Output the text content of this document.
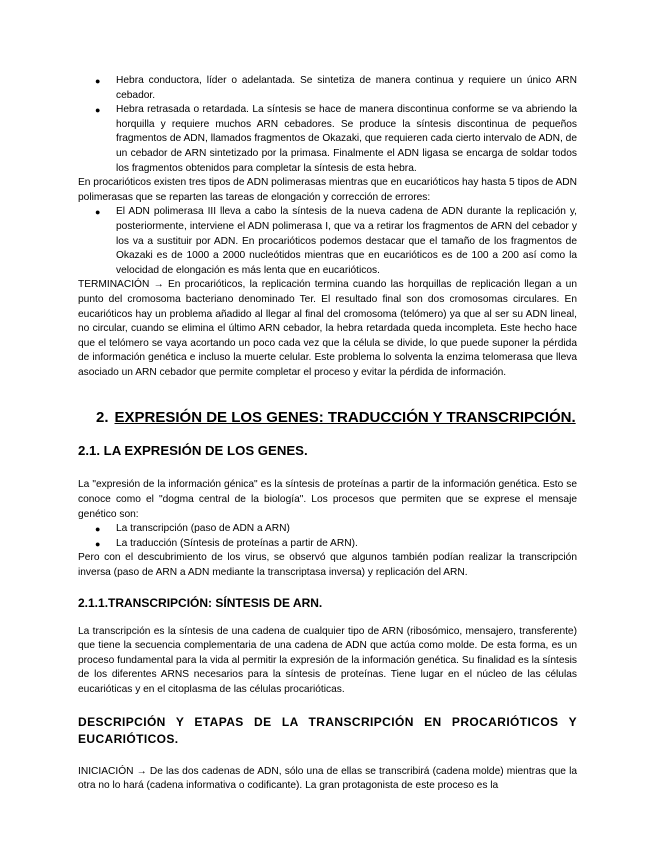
● Hebra conductora, líder o adelantada. Se sintetiza de manera continua y requiere un único ARN cebador.
● Hebra retrasada o retardada. La síntesis se hace de manera discontinua conforme se va abriendo la horquilla y requiere muchos ARN cebadores. Se produce la síntesis discontinua de pequeños fragmentos de ADN, llamados fragmentos de Okazaki, que requieren cada cierto intervalo de ADN, de un cebador de ARN sintetizado por la primasa. Finalmente el ADN ligasa se encarga de soldar todos los fragmentos obtenidos para completar la síntesis de esta hebra.

En procarióticos existen tres tipos de ADN polimerasas mientras que en eucarióticos hay hasta 5 tipos de ADN polimerasas que se reparten las tareas de elongación y corrección de errores:

● El ADN polimerasa III lleva a cabo la síntesis de la nueva cadena de ADN durante la replicación y, posteriormente, interviene el ADN polimerasa I, que va a retirar los fragmentos de ARN del cebador y los va a sustituir por ADN. En procarióticos podemos destacar que el tamaño de los fragmentos de Okazaki es de 1000 a 2000 nucleótidos mientras que en eucarióticos es de 100 a 200 así como la velocidad de elongación es más lenta que en eucarióticos.

TERMINACIÓN → En procarióticos, la replicación termina cuando las horquillas de replicación llegan a un punto del cromosoma bacteriano denominado Ter. El resultado final son dos cromosomas circulares. En eucarióticos hay un problema añadido al llegar al final del cromosoma (telómero) ya que al ser su ADN lineal, no circular, cuando se elimina el último ARN cebador, la hebra retardada queda incompleta. Este hecho hace que el telómero se vaya acortando un poco cada vez que la célula se divide, lo que puede suponer la pérdida de información genética e incluso la muerte celular. Este problema lo solventa la enzima telomerasa que lleva asociado un ARN cebador que permite completar el proceso y evitar la pérdida de información.

2. EXPRESIÓN DE LOS GENES: TRADUCCIÓN Y TRANSCRIPCIÓN.
2.1. LA EXPRESIÓN DE LOS GENES.

La "expresión de la información génica" es la síntesis de proteínas a partir de la información genética. Esto se conoce como el "dogma central de la biología". Los procesos que permiten que se exprese el mensaje genético son:

● La transcripción (paso de ADN a ARN)
● La traducción (Síntesis de proteínas a partir de ARN).

Pero con el descubrimiento de los virus, se observó que algunos también podían realizar la transcripción inversa (paso de ARN a ADN mediante la transcriptasa inversa) y replicación del ARN.

2.1.1.TRANSCRIPCIÓN: SÍNTESIS DE ARN.

La transcripción es la síntesis de una cadena de cualquier tipo de ARN (ribosómico, mensajero, transferente) que tiene la secuencia complementaria de una cadena de ADN que actúa como molde. De esta forma, es un proceso fundamental para la vida al permitir la expresión de la información genética. Su finalidad es la síntesis de los diferentes ARNS necesarios para la síntesis de proteínas. Tiene lugar en el núcleo de las células eucarióticas y en el citoplasma de las células procarióticas.

DESCRIPCIÓN Y ETAPAS DE LA TRANSCRIPCIÓN EN PROCARIÓTICOS Y EUCARIÓTICOS.

INICIACIÓN → De las dos cadenas de ADN, sólo una de ellas se transcribirá (cadena molde) mientras que la otra no lo hará (cadena informativa o codificante). La gran protagonista de este proceso es la
